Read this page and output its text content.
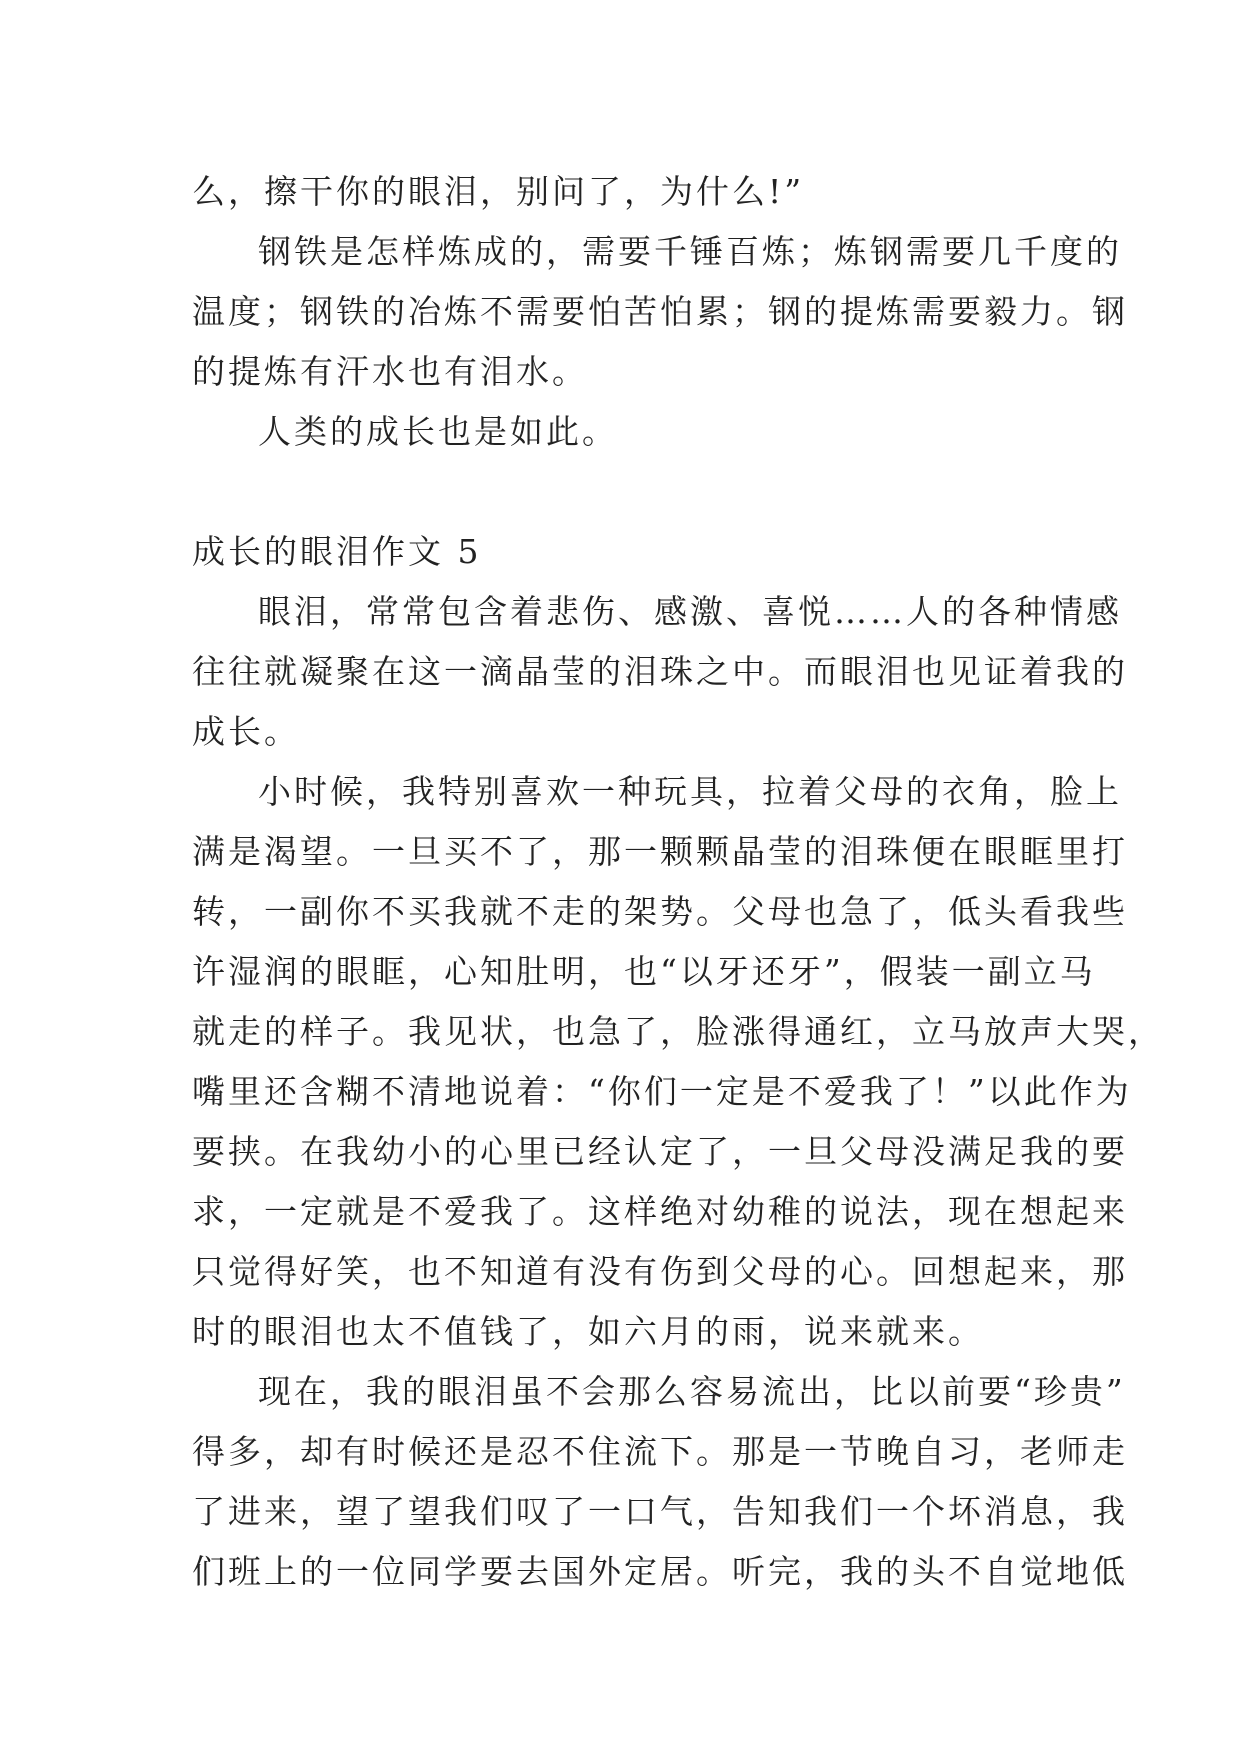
么，擦干你的眼泪，别问了，为什么!”
钢铁是怎样炼成的，需要千锤百炼；炼钢需要几千度的
温度；钢铁的冶炼不需要怕苦怕累；钢的提炼需要毅力。钢
的提炼有汗水也有泪水。
人类的成长也是如此。
成长的眼泪作文 5
眼泪，常常包含着悲伤、感激、喜悦……人的各种情感
往往就凝聚在这一滴晶莹的泪珠之中。而眼泪也见证着我的
成长。
小时候，我特别喜欢一种玩具，拉着父母的衣角，脸上
满是渴望。一旦买不了，那一颗颗晶莹的泪珠便在眼眶里打
转，一副你不买我就不走的架势。父母也急了，低头看我些
许湿润的眼眶，心知肚明，也“以牙还牙”，假装一副立马
就走的样子。我见状，也急了，脸涨得通红，立马放声大哭，
嘴里还含糊不清地说着：“你们一定是不爱我了！”以此作为
要挟。在我幼小的心里已经认定了，一旦父母没满足我的要
求，一定就是不爱我了。这样绝对幼稚的说法，现在想起来
只觉得好笑，也不知道有没有伤到父母的心。回想起来，那
时的眼泪也太不值钱了，如六月的雨，说来就来。
现在，我的眼泪虽不会那么容易流出，比以前要“珍贵”
得多，却有时候还是忍不住流下。那是一节晚自习，老师走
了进来，望了望我们叹了一口气，告知我们一个坏消息，我
们班上的一位同学要去国外定居。听完，我的头不自觉地低
